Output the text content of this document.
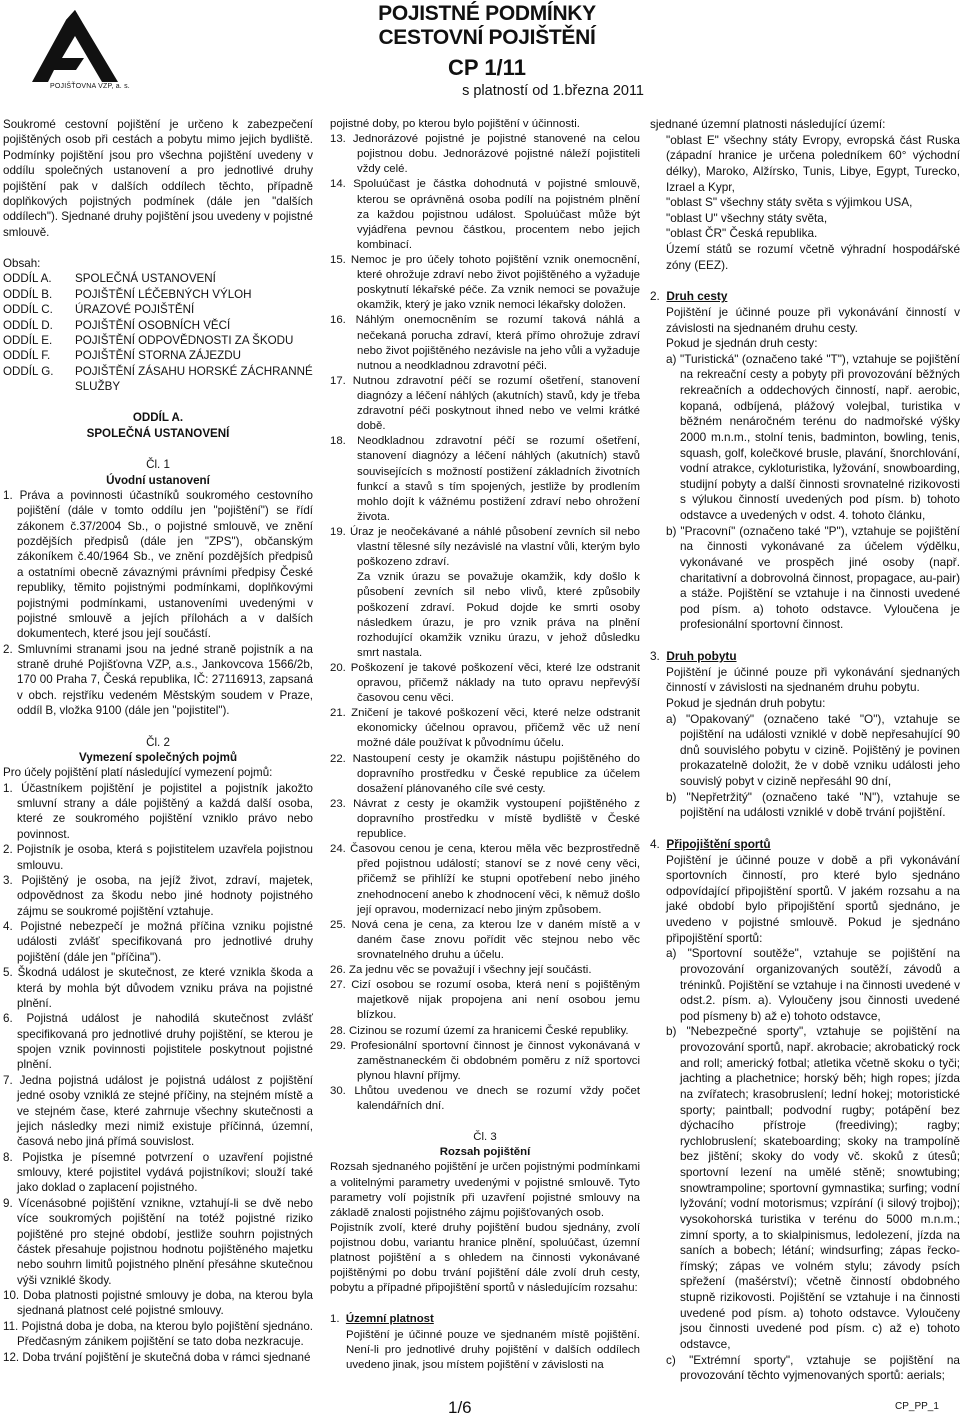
POJIŠŤOVNA VZP, a. s.
POJISTNÉ PODMÍNKY
CESTOVNÍ POJIŠTĚNÍ
CP 1/11
s platností od 1.března 2011

Soukromé cestovní pojištění je určeno k zabezpečení pojištěných osob při cestách a pobytu mimo jejich bydliště. Podmínky pojištění jsou pro všechna pojištění uvedeny v oddílu společných ustanovení a pro jednotlivé druhy pojištění pak v dalších oddílech těchto, případně doplňkových pojistných podmínek (dále jen "dalších oddílech"). Sjednané druhy pojištění jsou uvedeny v pojistné smlouvě.

Obsah:

ODDÍL A.	SPOLEČNÁ USTANOVENÍ
ODDÍL B.	POJIŠTĚNÍ LÉČEBNÝCH VÝLOH
ODDÍL C.	ÚRAZOVÉ POJIŠTĚNÍ
ODDÍL D.	POJIŠTĚNÍ OSOBNÍCH VĚCÍ
ODDÍL E.	POJIŠTĚNÍ ODPOVĚDNOSTI ZA ŠKODU
ODDÍL F.	POJIŠTĚNÍ STORNA ZÁJEZDU
ODDÍL G.	POJIŠTĚNÍ ZÁSAHU HORSKÉ ZÁCHRANNÉ SLUŽBY

ODDÍL A.

SPOLEČNÁ USTANOVENÍ

Čl. 1

Úvodní ustanovení

1. Práva a povinnosti účastníků soukromého cestovního pojištění (dále v tomto oddílu jen "pojištění") se řídí zákonem č.37/2004 Sb., o pojistné smlouvě, ve znění pozdějších předpisů (dále jen "ZPS"), občanským zákoníkem č.40/1964 Sb., ve znění pozdějších předpisů a ostatními obecně závaznými právními předpisy České republiky, těmito pojistnými podmínkami, doplňkovými pojistnými podmínkami, ustanoveními uvedenými v pojistné smlouvě a jejích přílohách a v dalších dokumentech, které jsou její součástí.

2. Smluvními stranami jsou na jedné straně pojistník a na straně druhé Pojišťovna VZP, a.s., Jankovcova 1566/2b, 170 00 Praha 7, Česká republika, IČ: 27116913, zapsaná v obch. rejstříku vedeném Městským soudem v Praze, oddíl B, vložka 9100 (dále jen "pojistitel").

Čl. 2

Vymezení společných pojmů

Pro účely pojištění platí následující vymezení pojmů:

1. Účastníkem pojištění je pojistitel a pojistník jakožto smluvní strany a dále pojištěný a každá další osoba, které ze soukromého pojištění vzniklo právo nebo povinnost.

2. Pojistník je osoba, která s pojistitelem uzavřela pojistnou smlouvu.

3. Pojištěný je osoba, na jejíž život, zdraví, majetek, odpovědnost za škodu nebo jiné hodnoty pojistného zájmu se soukromé pojištění vztahuje.

4. Pojistné nebezpečí je možná příčina vzniku pojistné události zvlášť specifikovaná pro jednotlivé druhy pojištění (dále jen "příčina").

5. Škodná událost je skutečnost, ze které vznikla škoda a která by mohla být důvodem vzniku práva na pojistné plnění.

6. Pojistná událost je nahodilá skutečnost zvlášť specifikovaná pro jednotlivé druhy pojištění, se kterou je spojen vznik povinnosti pojistitele poskytnout pojistné plnění.

7. Jedna pojistná událost je pojistná událost z pojištění jedné osoby vzniklá ze stejné příčiny, na stejném místě a ve stejném čase, které zahrnuje všechny skutečnosti a jejich následky mezi nimiž existuje příčinná, územní, časová nebo jiná přímá souvislost.

8. Pojistka je písemné potvrzení o uzavření pojistné smlouvy, které pojistitel vydává pojistníkovi; slouží také jako doklad o zaplacení pojistného.

9. Vícenásobné pojištění vznikne, vztahují-li se dvě nebo více soukromých pojištění na totéž pojistné riziko pojištěné pro stejné období, jestliže souhrn pojistných částek přesahuje pojistnou hodnotu pojištěného majetku nebo souhrn limitů pojistného plnění přesáhne skutečnou výši vzniklé škody.

10. Doba platnosti pojistné smlouvy je doba, na kterou byla sjednaná platnost celé pojistné smlouvy.

11. Pojistná doba je doba, na kterou bylo pojištění sjednáno. Předčasným zánikem pojištění se tato doba nezkracuje.

12. Doba trvání pojištění je skutečná doba v rámci sjednané

pojistné doby, po kterou bylo pojištění v účinnosti.

13. Jednorázové pojistné je pojistné stanovené na celou pojistnou dobu. Jednorázové pojistné náleží pojistiteli vždy celé.

14. Spoluúčast je částka dohodnutá v pojistné smlouvě, kterou se oprávněná osoba podílí na pojistném plnění za každou pojistnou událost. Spoluúčast může být vyjádřena pevnou částkou, procentem nebo jejich kombinací.

15. Nemoc je pro účely tohoto pojištění vznik onemocnění, které ohrožuje zdraví nebo život pojištěného a vyžaduje poskytnutí lékařské péče. Za vznik nemoci se považuje okamžik, který je jako vznik nemoci lékařsky doložen.

16. Náhlým onemocněním se rozumí taková náhlá a nečekaná porucha zdraví, která přímo ohrožuje zdraví nebo život pojištěného nezávisle na jeho vůli a vyžaduje nutnou a neodkladnou zdravotní péči.

17. Nutnou zdravotní péčí se rozumí ošetření, stanovení diagnózy a léčení náhlých (akutních) stavů, kdy je třeba zdravotní péči poskytnout ihned nebo ve velmi krátké době.

18. Neodkladnou zdravotní péčí se rozumí ošetření, stanovení diagnózy a léčení náhlých (akutních) stavů souvisejících s možností postižení základních životních funkcí a stavů s tím spojených, jestliže by prodlením mohlo dojít k vážnému postižení zdraví nebo ohrožení života.

19. Úraz je neočekávané a náhlé působení zevních sil nebo vlastní tělesné síly nezávislé na vlastní vůli, kterým bylo poškozeno zdraví.

Za vznik úrazu se považuje okamžik, kdy došlo k působení zevních sil nebo vlivů, které způsobily poškození zdraví. Pokud dojde ke smrti osoby následkem úrazu, je pro vznik práva na plnění rozhodující okamžik vzniku úrazu, v jehož důsledku smrt nastala.

20. Poškození je takové poškození věci, které lze odstranit opravou, přičemž náklady na tuto opravu nepřevýší časovou cenu věci.

21. Zničení je takové poškození věci, které nelze odstranit ekonomicky účelnou opravou, přičemž věc už není možné dále používat k původnímu účelu.

22. Nastoupení cesty je okamžik nástupu pojištěného do dopravního prostředku v České republice za účelem dosažení plánovaného cíle své cesty.

23. Návrat z cesty je okamžik vystoupení pojištěného z dopravního prostředku v místě bydliště v České republice.

24. Časovou cenou je cena, kterou měla věc bezprostředně před pojistnou událostí; stanoví se z nové ceny věci, přičemž se přihlíží ke stupni opotřebení nebo jiného znehodnocení anebo k zhodnocení věci, k němuž došlo její opravou, modernizací nebo jiným způsobem.

25. Nová cena je cena, za kterou lze v daném místě a v daném čase znovu pořídit věc stejnou nebo věc srovnatelného druhu a účelu.

26. Za jednu věc se považují i všechny její součásti.

27. Cizí osobou se rozumí osoba, která není s pojištěným majetkově nijak propojena ani není osobou jemu blízkou.

28. Cizinou se rozumí území za hranicemi České republiky.

29. Profesionální sportovní činnost je činnost vykonávaná v zaměstnaneckém či obdobném poměru z níž sportovci plynou hlavní příjmy.

30. Lhůtou uvedenou ve dnech se rozumí vždy počet kalendářních dní.

Čl. 3

Rozsah pojištění

Rozsah sjednaného pojištění je určen pojistnými podmínkami a volitelnými parametry uvedenými v pojistné smlouvě. Tyto parametry volí pojistník při uzavření pojistné smlouvy na základě znalosti pojistného zájmu pojišťovaných osob.

Pojistník zvolí, které druhy pojištění budou sjednány, zvolí pojistnou dobu, variantu hranice plnění, spoluúčast, územní platnost pojištění a s ohledem na činnosti vykonávané pojištěnými po dobu trvání pojištění dále zvolí druh cesty, pobytu a případné připojištění sportů v následujícím rozsahu:

1. Územní platnost

Pojištění je účinné pouze ve sjednaném místě pojištění. Není-li pro jednotlivé druhy pojištění v dalších oddílech uvedeno jinak, jsou místem pojištění v závislosti na

sjednané územní platnosti následující území:

"oblast E" všechny státy Evropy, evropská část Ruska (západní hranice je určena poledníkem 60° východní délky), Maroko, Alžírsko, Tunis, Libye, Egypt, Turecko, Izrael a Kypr,

"oblast S" všechny státy světa s výjimkou USA,

"oblast U" všechny státy světa,

"oblast ČR" Česká republika.

Území států se rozumí včetně výhradní hospodářské zóny (EEZ).

2. Druh cesty

Pojištění je účinné pouze při vykonávání činností v závislosti na sjednaném druhu cesty.

Pokud je sjednán druh cesty:

a) "Turistická" (označeno také "T"), vztahuje se pojištění na rekreační cesty a pobyty při provozování běžných rekreačních a oddechových činností, např. aerobic, kopaná, odbíjená, plážový volejbal, turistika v běžném nenáročném terénu do nadmořské výšky 2000 m.n.m., stolní tenis, badminton, bowling, tenis, squash, golf, kolečkové brusle, plavání, šnorchlování, vodní atrakce, cykloturistika, lyžování, snowboarding, studijní pobyty a další činnosti srovnatelné rizikovosti s výlukou činností uvedených pod písm. b) tohoto odstavce a uvedených v odst. 4. tohoto článku,

b) "Pracovní" (označeno také "P"), vztahuje se pojištění na činnosti vykonávané za účelem výdělku, vykonávané ve prospěch jiné osoby (např. charitativní a dobrovolná činnost, propagace, au-pair) a stáže. Pojištění se vztahuje i na činnosti uvedené pod písm. a) tohoto odstavce. Vyloučena je profesionální sportovní činnost.

3. Druh pobytu

Pojištění je účinné pouze při vykonávání sjednaných činností v závislosti na sjednaném druhu pobytu.

Pokud je sjednán druh pobytu:

a) "Opakovaný" (označeno také "O"), vztahuje se pojištění na události vzniklé v době nepřesahující 90 dnů souvislého pobytu v cizině. Pojištěný je povinen prokazatelně doložit, že v době vzniku události jeho souvislý pobyt v cizině nepřesáhl 90 dní,

b) "Nepřetržitý" (označeno také "N"), vztahuje se pojištění na události vzniklé v době trvání pojištění.

4. Připojištění sportů

Pojištění je účinné pouze v době a při vykonávání sportovních činností, pro které bylo sjednáno odpovídající připojištění sportů. V jakém rozsahu a na jaké období bylo připojištění sportů sjednáno, je uvedeno v pojistné smlouvě. Pokud je sjednáno připojištění sportů:

a) "Sportovní soutěže", vztahuje se pojištění na provozování organizovaných soutěží, závodů a tréninků. Pojištění se vztahuje i na činnosti uvedené v odst.2. písm. a). Vyloučeny jsou činnosti uvedené pod písmeny b) až e) tohoto odstavce,

b) "Nebezpečné sporty", vztahuje se pojištění na provozování sportů, např. akrobacie; akrobatický rock and roll; americký fotbal; atletika včetně skoku o tyči; jachting a plachetnice; horský běh; high ropes; jízda na zvířatech; krasobruslení; lední hokej; motoristické sporty; paintball; podvodní rugby; potápění bez dýchacího přístroje (freediving); ragby; rychlobruslení; skateboarding; skoky na trampolíně bez jištění; skoky do vody vč. skoků z útesů; sportovní lezení na umělé stěně; snowtubing; snowtrampoline; sportovní gymnastika; surfing; vodní lyžování; vodní motorismus; vzpírání (i silový trojboj); vysokohorská turistika v terénu do 5000 m.n.m.; zimní sporty, a to skialpinismus, ledolezení, jízda na saních a bobech; létání; windsurfing; zápas řecko-římský; zápas ve volném stylu; závody psích spřežení (mašérství); včetně činností obdobného stupně rizikovosti. Pojištění se vztahuje i na činnosti uvedené pod písm. a) tohoto odstavce. Vyloučeny jsou činnosti uvedené pod písm. c) až e) tohoto odstavce,

c) "Extrémní sporty", vztahuje se pojištění na provozování těchto vyjmenovaných sportů: aerials;

1/6	CP_PP_1
